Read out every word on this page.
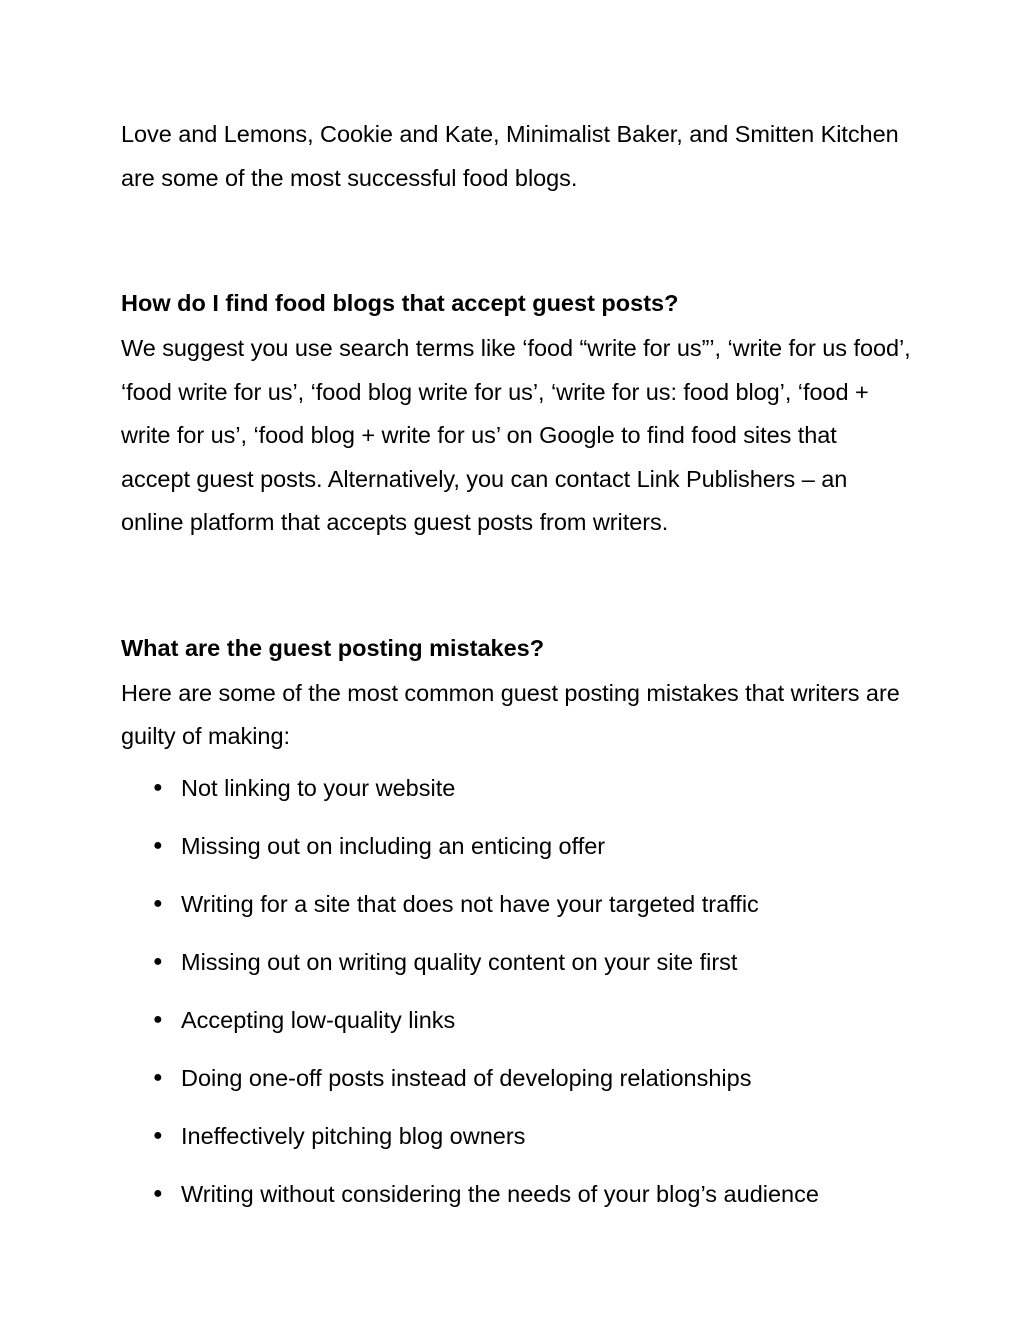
Love and Lemons, Cookie and Kate, Minimalist Baker, and Smitten Kitchen are some of the most successful food blogs.

How do I find food blogs that accept guest posts?

We suggest you use search terms like ‘food “write for us”’, ‘write for us food’, ‘food write for us’, ‘food blog write for us’, ‘write for us: food blog’, ‘food + write for us’, ‘food blog + write for us’ on Google to find food sites that accept guest posts. Alternatively, you can contact Link Publishers – an online platform that accepts guest posts from writers.

What are the guest posting mistakes?

Here are some of the most common guest posting mistakes that writers are guilty of making:

● Not linking to your website
● Missing out on including an enticing offer
● Writing for a site that does not have your targeted traffic
● Missing out on writing quality content on your site first
● Accepting low-quality links
● Doing one-off posts instead of developing relationships
● Ineffectively pitching blog owners
● Writing without considering the needs of your blog’s audience
